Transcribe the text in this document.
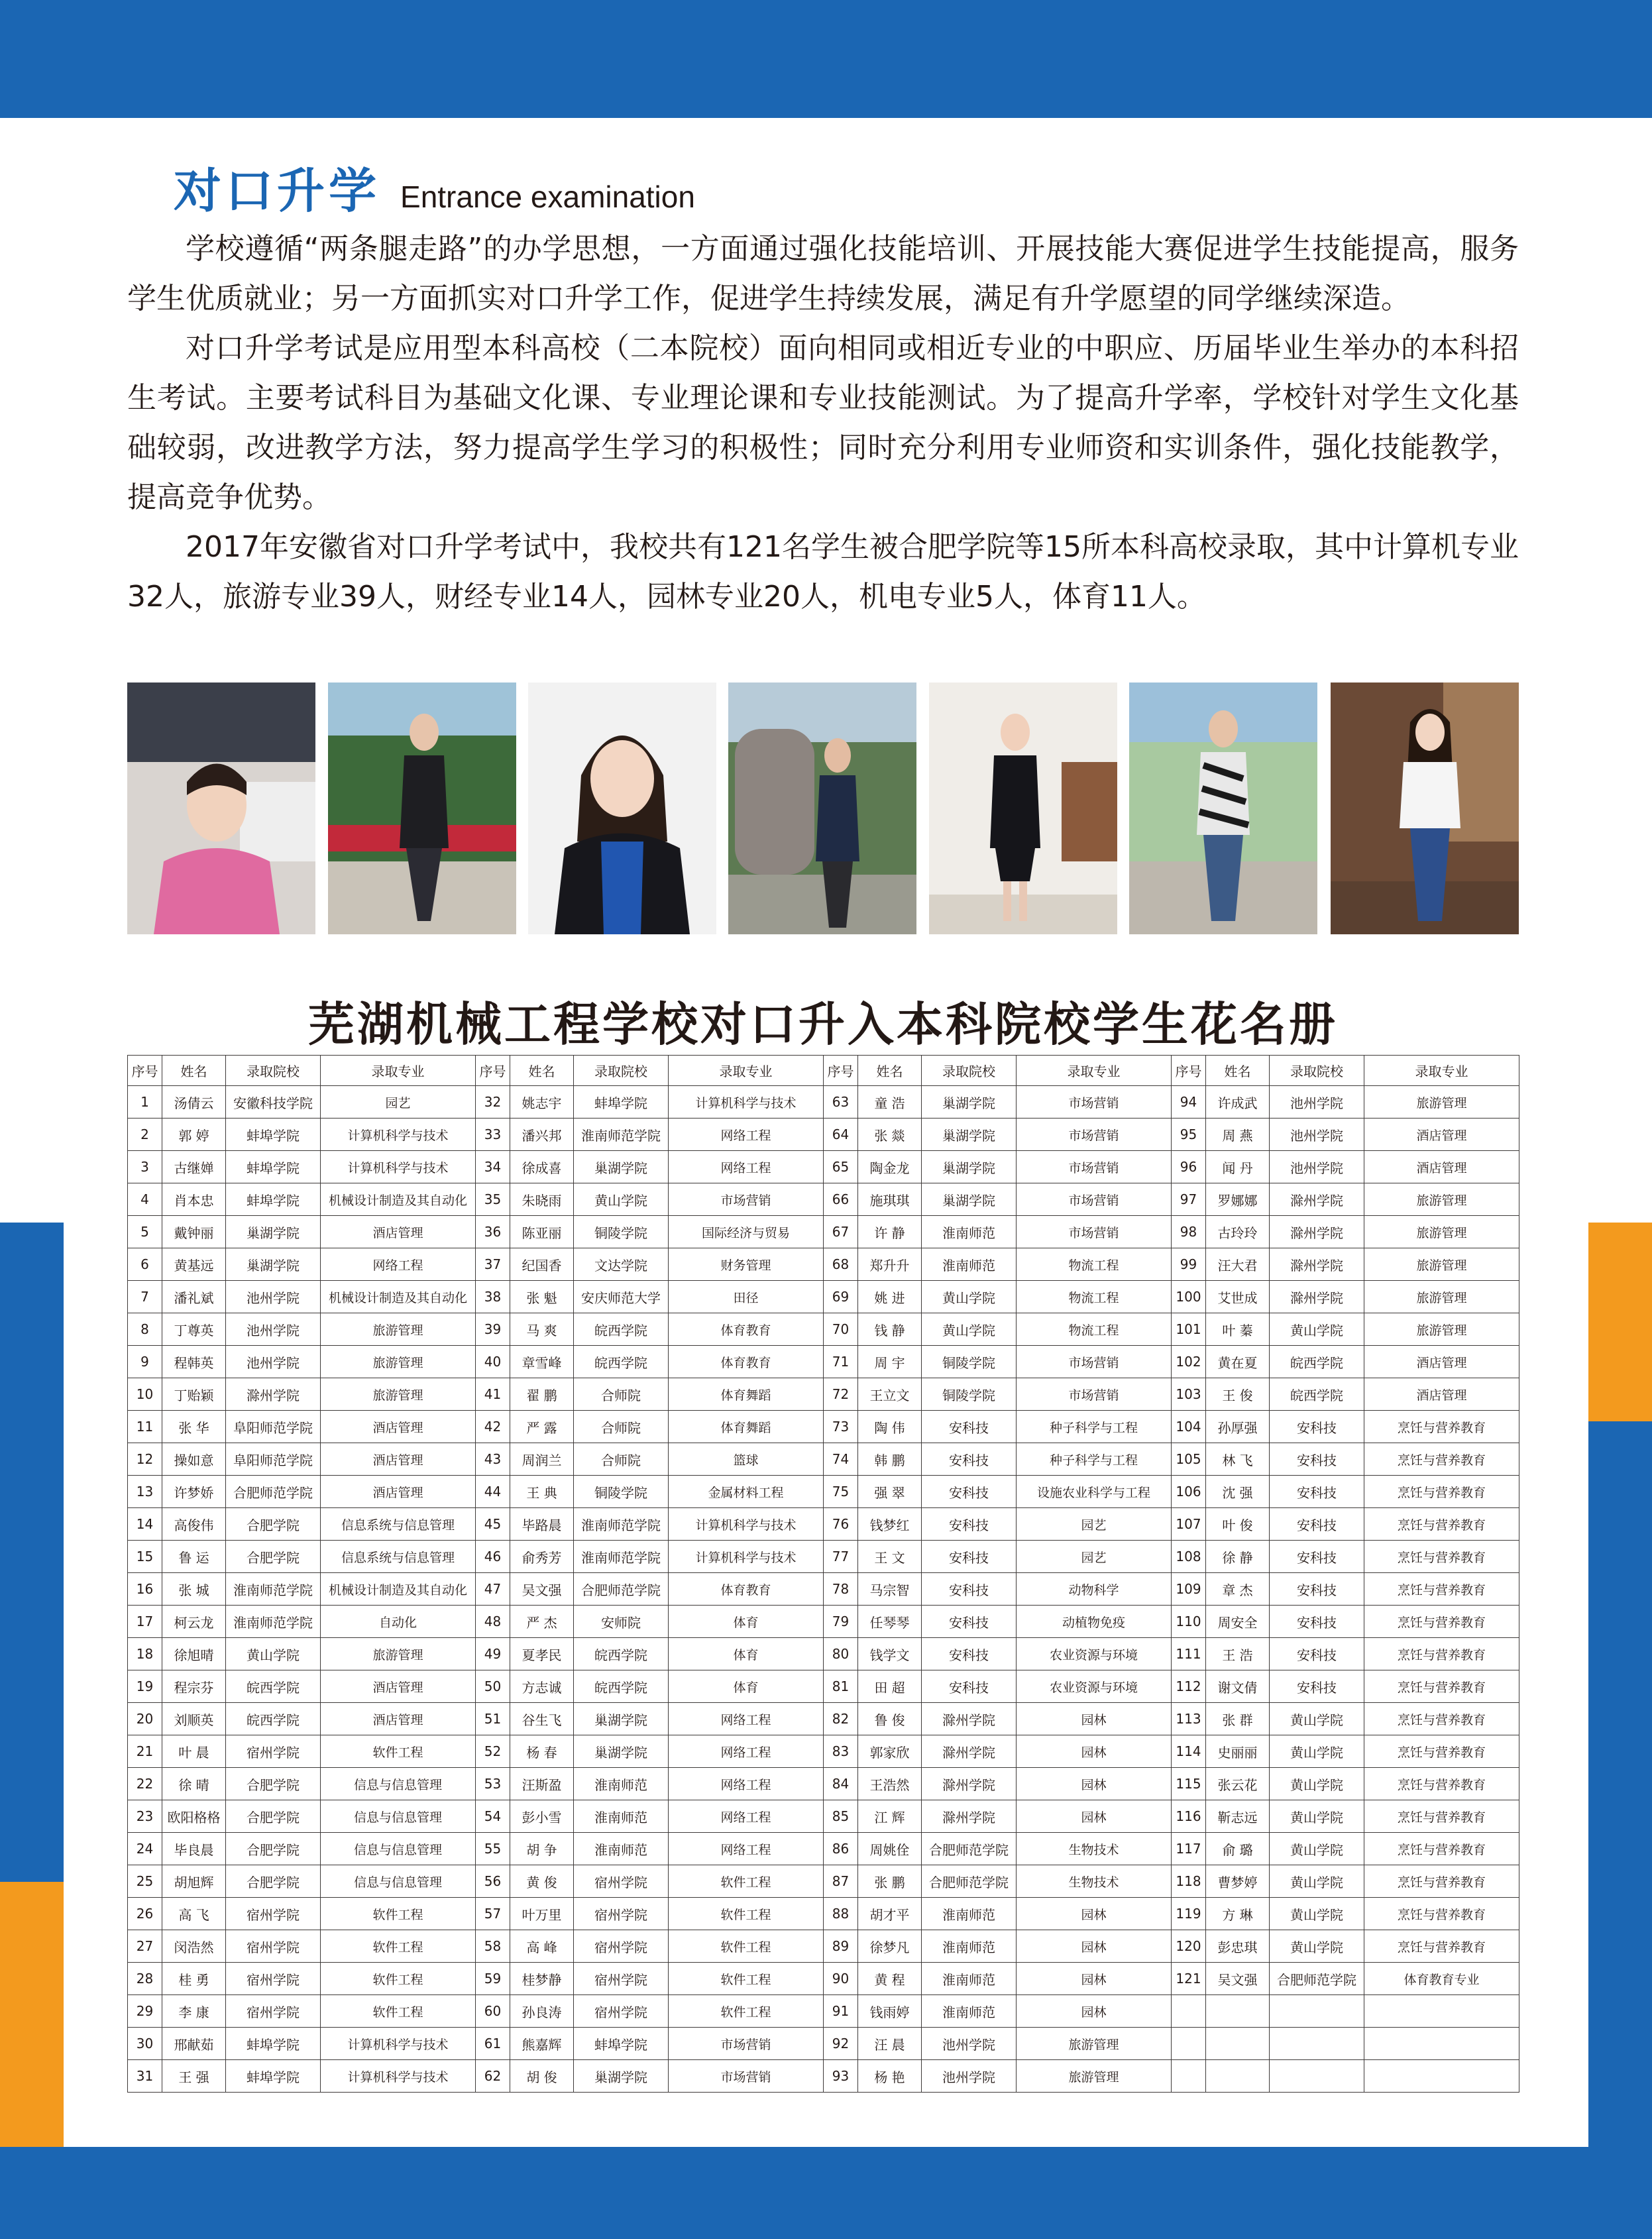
对口升学 Entrance examination

学校遵循“两条腿走路”的办学思想，一方面通过强化技能培训、开展技能大赛促进学生技能提高，服务学生优质就业；另一方面抓实对口升学工作，促进学生持续发展，满足有升学愿望的同学继续深造。

对口升学考试是应用型本科高校（二本院校）面向相同或相近专业的中职应、历届毕业生举办的本科招生考试。主要考试科目为基础文化课、专业理论课和专业技能测试。为了提高升学率，学校针对学生文化基础较弱，改进教学方法，努力提高学生学习的积极性；同时充分利用专业师资和实训条件，强化技能教学，提高竞争优势。

2017年安徽省对口升学考试中，我校共有121名学生被合肥学院等15所本科高校录取，其中计算机专业32人，旅游专业39人，财经专业14人，园林专业20人，机电专业5人，体育11人。

芜湖机械工程学校对口升入本科院校学生花名册
序号	姓名	录取院校	录取专业	序号	姓名	录取院校	录取专业	序号	姓名	录取院校	录取专业	序号	姓名	录取院校	录取专业
1	汤倩云	安徽科技学院	园艺	32	姚志宇	蚌埠学院	计算机科学与技术	63	童 浩	巢湖学院	市场营销	94	许成武	池州学院	旅游管理
2	郭 婷	蚌埠学院	计算机科学与技术	33	潘兴邦	淮南师范学院	网络工程	64	张 燚	巢湖学院	市场营销	95	周 燕	池州学院	酒店管理
3	古继婵	蚌埠学院	计算机科学与技术	34	徐成喜	巢湖学院	网络工程	65	陶金龙	巢湖学院	市场营销	96	闻 丹	池州学院	酒店管理
4	肖本忠	蚌埠学院	机械设计制造及其自动化	35	朱晓雨	黄山学院	市场营销	66	施琪琪	巢湖学院	市场营销	97	罗娜娜	滁州学院	旅游管理
5	戴钟丽	巢湖学院	酒店管理	36	陈亚丽	铜陵学院	国际经济与贸易	67	许 静	淮南师范	市场营销	98	古玲玲	滁州学院	旅游管理
6	黄基远	巢湖学院	网络工程	37	纪国香	文达学院	财务管理	68	郑升升	淮南师范	物流工程	99	汪大君	滁州学院	旅游管理
7	潘礼斌	池州学院	机械设计制造及其自动化	38	张 魁	安庆师范大学	田径	69	姚 进	黄山学院	物流工程	100	艾世成	滁州学院	旅游管理
8	丁尊英	池州学院	旅游管理	39	马 爽	皖西学院	体育教育	70	钱 静	黄山学院	物流工程	101	叶 蓁	黄山学院	旅游管理
9	程韩英	池州学院	旅游管理	40	章雪峰	皖西学院	体育教育	71	周 宇	铜陵学院	市场营销	102	黄在夏	皖西学院	酒店管理
10	丁贻颖	滁州学院	旅游管理	41	翟 鹏	合师院	体育舞蹈	72	王立文	铜陵学院	市场营销	103	王 俊	皖西学院	酒店管理
11	张 华	阜阳师范学院	酒店管理	42	严 露	合师院	体育舞蹈	73	陶 伟	安科技	种子科学与工程	104	孙厚强	安科技	烹饪与营养教育
12	操如意	阜阳师范学院	酒店管理	43	周润兰	合师院	篮球	74	韩 鹏	安科技	种子科学与工程	105	林 飞	安科技	烹饪与营养教育
13	许梦娇	合肥师范学院	酒店管理	44	王 典	铜陵学院	金属材料工程	75	强 翠	安科技	设施农业科学与工程	106	沈 强	安科技	烹饪与营养教育
14	高俊伟	合肥学院	信息系统与信息管理	45	毕路晨	淮南师范学院	计算机科学与技术	76	钱梦红	安科技	园艺	107	叶 俊	安科技	烹饪与营养教育
15	鲁 运	合肥学院	信息系统与信息管理	46	俞秀芳	淮南师范学院	计算机科学与技术	77	王 文	安科技	园艺	108	徐 静	安科技	烹饪与营养教育
16	张 城	淮南师范学院	机械设计制造及其自动化	47	吴文强	合肥师范学院	体育教育	78	马宗智	安科技	动物科学	109	章 杰	安科技	烹饪与营养教育
17	柯云龙	淮南师范学院	自动化	48	严 杰	安师院	体育	79	任琴琴	安科技	动植物免疫	110	周安全	安科技	烹饪与营养教育
18	徐旭晴	黄山学院	旅游管理	49	夏孝民	皖西学院	体育	80	钱学文	安科技	农业资源与环境	111	王 浩	安科技	烹饪与营养教育
19	程宗芬	皖西学院	酒店管理	50	方志诚	皖西学院	体育	81	田 超	安科技	农业资源与环境	112	谢文倩	安科技	烹饪与营养教育
20	刘顺英	皖西学院	酒店管理	51	谷生飞	巢湖学院	网络工程	82	鲁 俊	滁州学院	园林	113	张 群	黄山学院	烹饪与营养教育
21	叶 晨	宿州学院	软件工程	52	杨 春	巢湖学院	网络工程	83	郭家欣	滁州学院	园林	114	史丽丽	黄山学院	烹饪与营养教育
22	徐 晴	合肥学院	信息与信息管理	53	汪斯盈	淮南师范	网络工程	84	王浩然	滁州学院	园林	115	张云花	黄山学院	烹饪与营养教育
23	欧阳格格	合肥学院	信息与信息管理	54	彭小雪	淮南师范	网络工程	85	江 辉	滁州学院	园林	116	靳志远	黄山学院	烹饪与营养教育
24	毕良晨	合肥学院	信息与信息管理	55	胡 争	淮南师范	网络工程	86	周姚佺	合肥师范学院	生物技术	117	俞 璐	黄山学院	烹饪与营养教育
25	胡旭辉	合肥学院	信息与信息管理	56	黄 俊	宿州学院	软件工程	87	张 鹏	合肥师范学院	生物技术	118	曹梦婷	黄山学院	烹饪与营养教育
26	高 飞	宿州学院	软件工程	57	叶万里	宿州学院	软件工程	88	胡才平	淮南师范	园林	119	方 琳	黄山学院	烹饪与营养教育
27	闵浩然	宿州学院	软件工程	58	高 峰	宿州学院	软件工程	89	徐梦凡	淮南师范	园林	120	彭忠琪	黄山学院	烹饪与营养教育
28	桂 勇	宿州学院	软件工程	59	桂梦静	宿州学院	软件工程	90	黄 程	淮南师范	园林	121	吴文强	合肥师范学院	体育教育专业
29	李 康	宿州学院	软件工程	60	孙良涛	宿州学院	软件工程	91	钱雨婷	淮南师范	园林				
30	邢献茹	蚌埠学院	计算机科学与技术	61	熊嘉辉	蚌埠学院	市场营销	92	汪 晨	池州学院	旅游管理				
31	王 强	蚌埠学院	计算机科学与技术	62	胡 俊	巢湖学院	市场营销	93	杨 艳	池州学院	旅游管理				
